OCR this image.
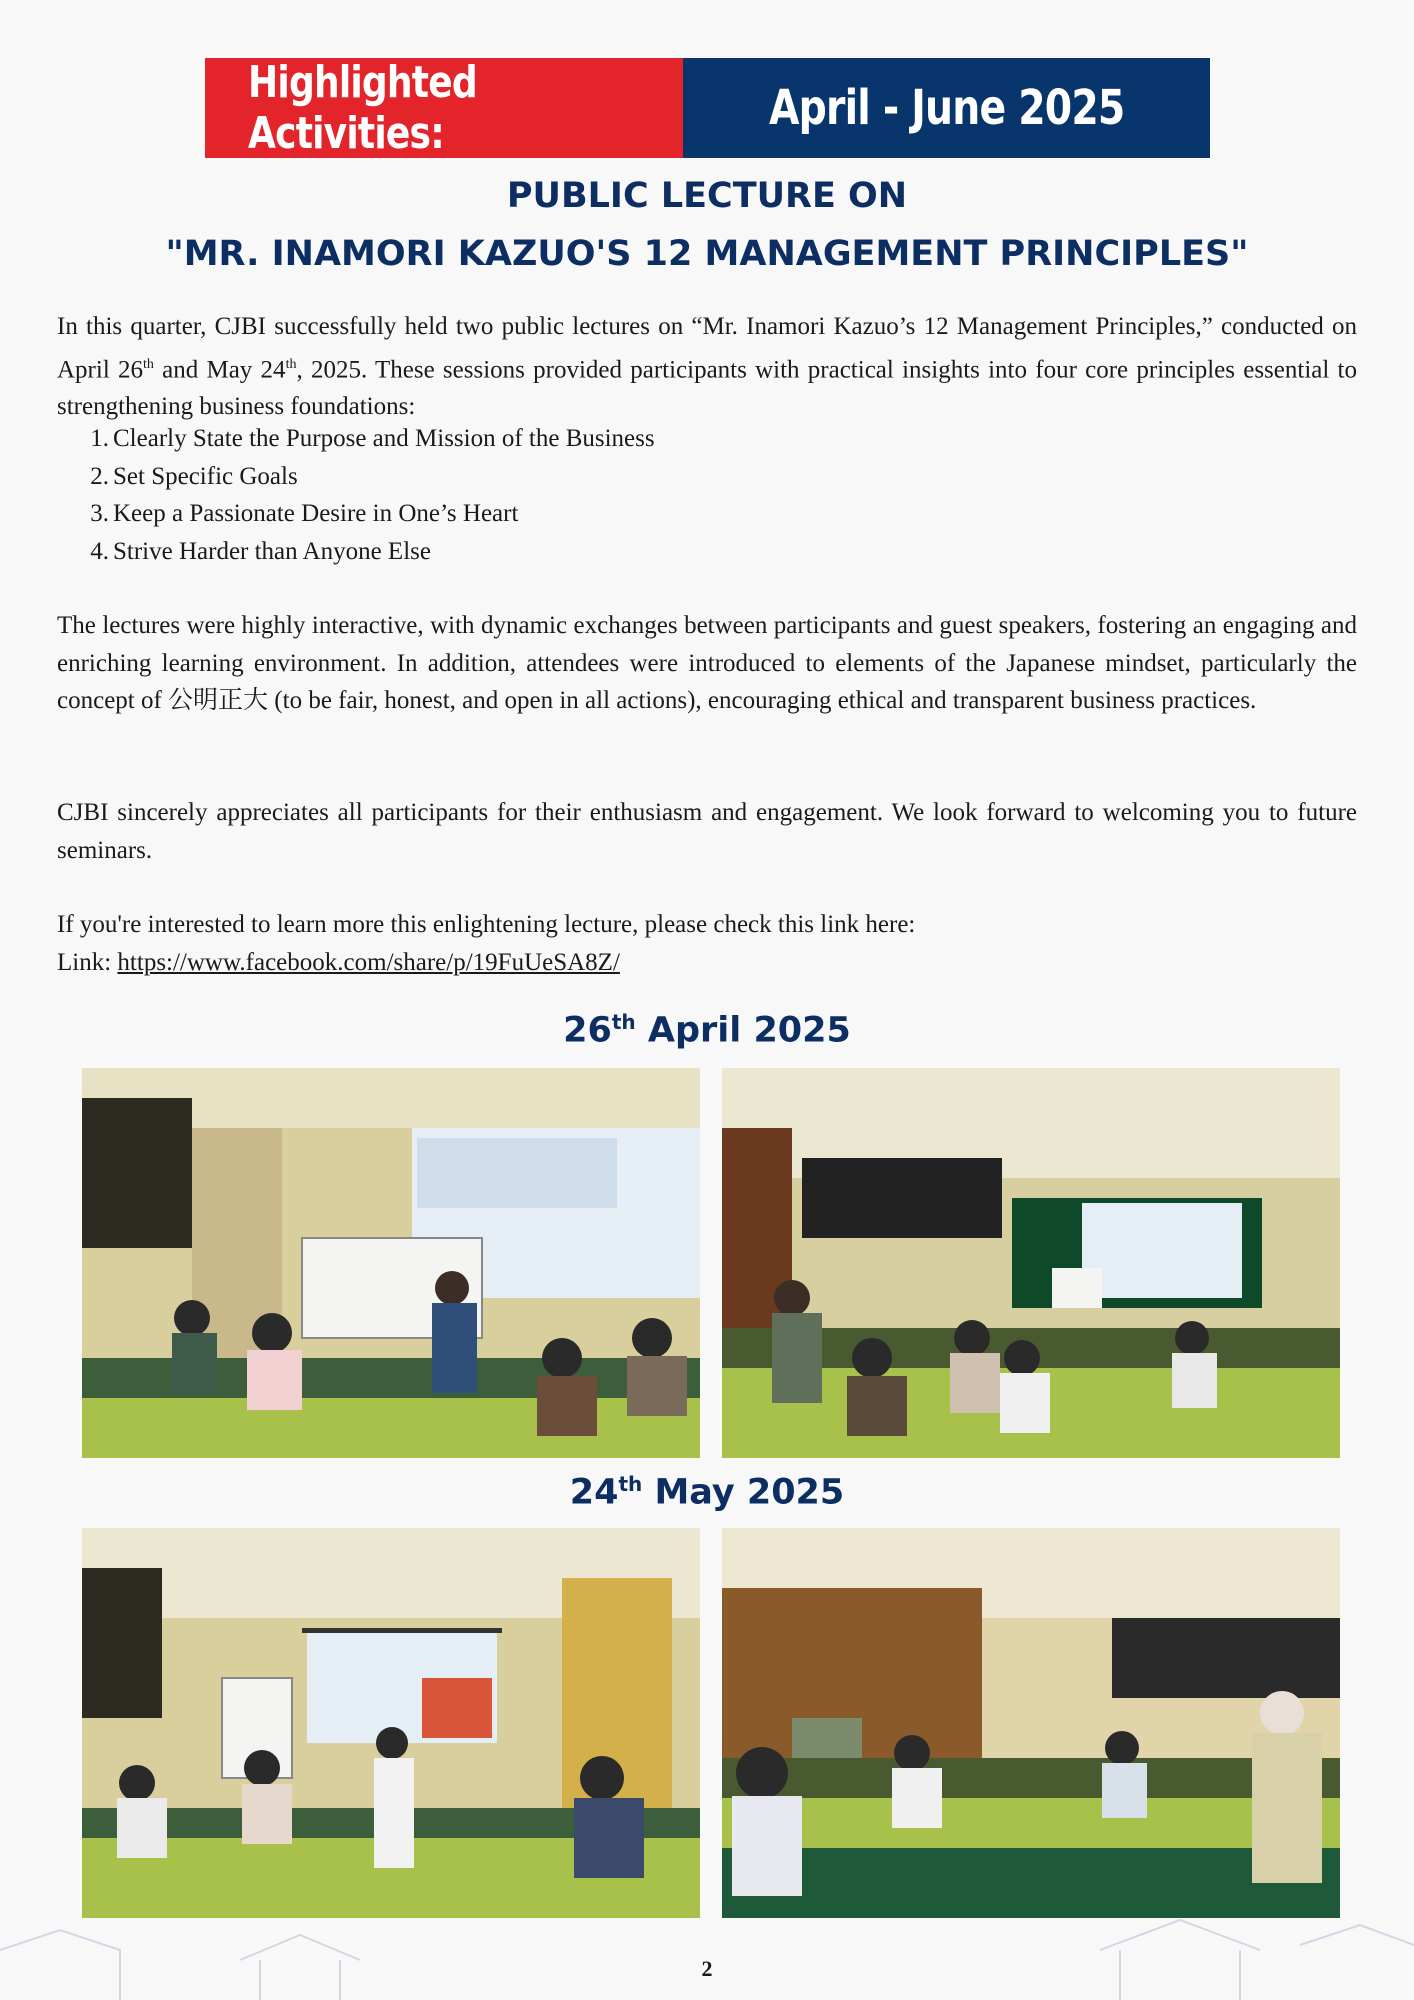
Highlighted Activities:	April - June 2025
PUBLIC LECTURE ON
"MR. INAMORI KAZUO'S 12 MANAGEMENT PRINCIPLES"
In this quarter, CJBI successfully held two public lectures on “Mr. Inamori Kazuo’s 12 Management Principles,” conducted on April 26th and May 24th, 2025. These sessions provided participants with practical insights into four core principles essential to strengthening business foundations:
1. Clearly State the Purpose and Mission of the Business
2. Set Specific Goals
3. Keep a Passionate Desire in One’s Heart
4. Strive Harder than Anyone Else
The lectures were highly interactive, with dynamic exchanges between participants and guest speakers, fostering an engaging and enriching learning environment. In addition, attendees were introduced to elements of the Japanese mindset, particularly the concept of 公明正大 (to be fair, honest, and open in all actions), encouraging ethical and transparent business practices.
CJBI sincerely appreciates all participants for their enthusiasm and engagement. We look forward to welcoming you to future seminars.
If you're interested to learn more this enlightening lecture, please check this link here:
Link: https://www.facebook.com/share/p/19FuUeSA8Z/
26th April 2025
24th May 2025
2
